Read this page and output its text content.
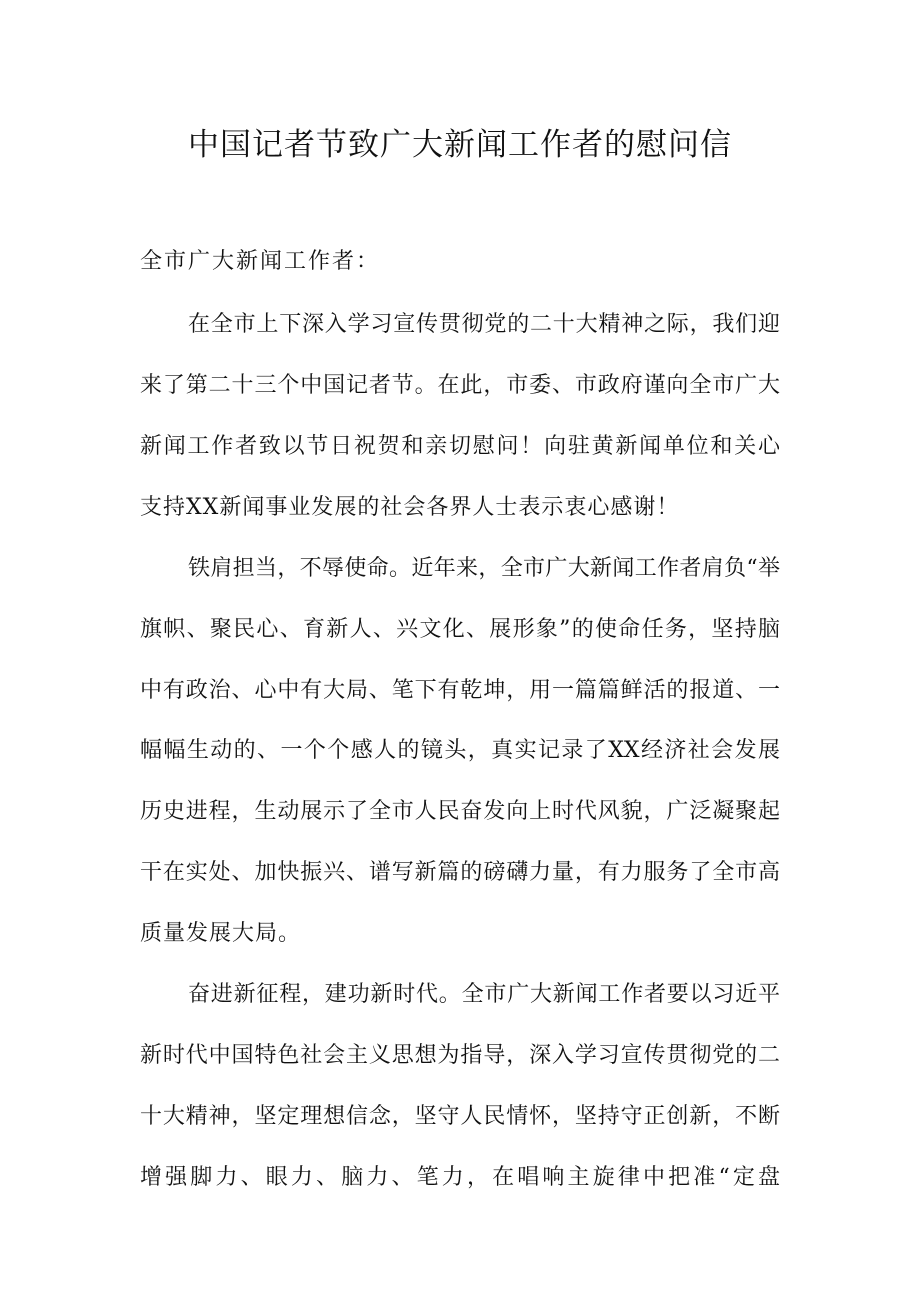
中国记者节致广大新闻工作者的慰问信
全市广大新闻工作者：
在全市上下深入学习宣传贯彻党的二十大精神之际，我们迎
来了第二十三个中国记者节。在此，市委、市政府谨向全市广大
新闻工作者致以节日祝贺和亲切慰问！向驻黄新闻单位和关心
支持XX新闻事业发展的社会各界人士表示衷心感谢！
铁肩担当，不辱使命。近年来，全市广大新闻工作者肩负“举
旗帜、聚民心、育新人、兴文化、展形象”的使命任务，坚持脑
中有政治、心中有大局、笔下有乾坤，用一篇篇鲜活的报道、一
幅幅生动的、一个个感人的镜头，真实记录了XX经济社会发展
历史进程，生动展示了全市人民奋发向上时代风貌，广泛凝聚起
干在实处、加快振兴、谱写新篇的磅礴力量，有力服务了全市高
质量发展大局。
奋进新征程，建功新时代。全市广大新闻工作者要以习近平
新时代中国特色社会主义思想为指导，深入学习宣传贯彻党的二
十大精神，坚定理想信念，坚守人民情怀，坚持守正创新，不断
增强脚力、眼力、脑力、笔力，在唱响主旋律中把准“定盘
